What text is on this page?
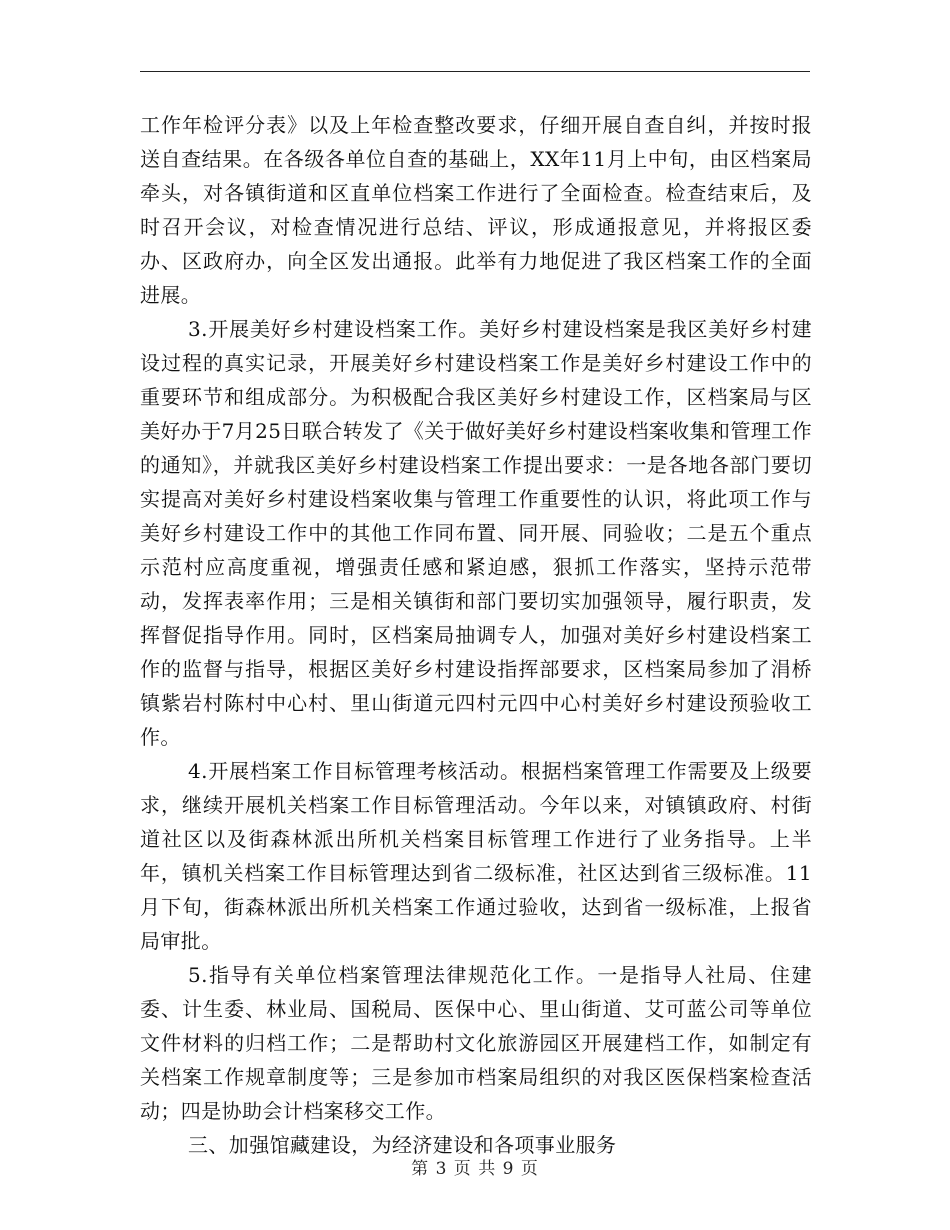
工作年检评分表》以及上年检查整改要求，仔细开展自查自纠，并按时报送自查结果。在各级各单位自查的基础上，XX年11月上中旬，由区档案局牵头，对各镇街道和区直单位档案工作进行了全面检查。检查结束后，及时召开会议，对检查情况进行总结、评议，形成通报意见，并将报区委办、区政府办，向全区发出通报。此举有力地促进了我区档案工作的全面进展。

3.开展美好乡村建设档案工作。美好乡村建设档案是我区美好乡村建设过程的真实记录，开展美好乡村建设档案工作是美好乡村建设工作中的重要环节和组成部分。为积极配合我区美好乡村建设工作，区档案局与区美好办于7月25日联合转发了《关于做好美好乡村建设档案收集和管理工作的通知》，并就我区美好乡村建设档案工作提出要求：一是各地各部门要切实提高对美好乡村建设档案收集与管理工作重要性的认识，将此项工作与美好乡村建设工作中的其他工作同布置、同开展、同验收；二是五个重点示范村应高度重视，增强责任感和紧迫感，狠抓工作落实，坚持示范带动，发挥表率作用；三是相关镇街和部门要切实加强领导，履行职责，发挥督促指导作用。同时，区档案局抽调专人，加强对美好乡村建设档案工作的监督与指导，根据区美好乡村建设指挥部要求，区档案局参加了涓桥镇紫岩村陈村中心村、里山街道元四村元四中心村美好乡村建设预验收工作。

4.开展档案工作目标管理考核活动。根据档案管理工作需要及上级要求，继续开展机关档案工作目标管理活动。今年以来，对镇镇政府、村街道社区以及街森林派出所机关档案目标管理工作进行了业务指导。上半年，镇机关档案工作目标管理达到省二级标准，社区达到省三级标准。11月下旬，街森林派出所机关档案工作通过验收，达到省一级标准，上报省局审批。

5.指导有关单位档案管理法律规范化工作。一是指导人社局、住建委、计生委、林业局、国税局、医保中心、里山街道、艾可蓝公司等单位文件材料的归档工作；二是帮助村文化旅游园区开展建档工作，如制定有关档案工作规章制度等；三是参加市档案局组织的对我区医保档案检查活动；四是协助会计档案移交工作。

三、加强馆藏建设，为经济建设和各项事业服务

第 3 页 共 9 页
